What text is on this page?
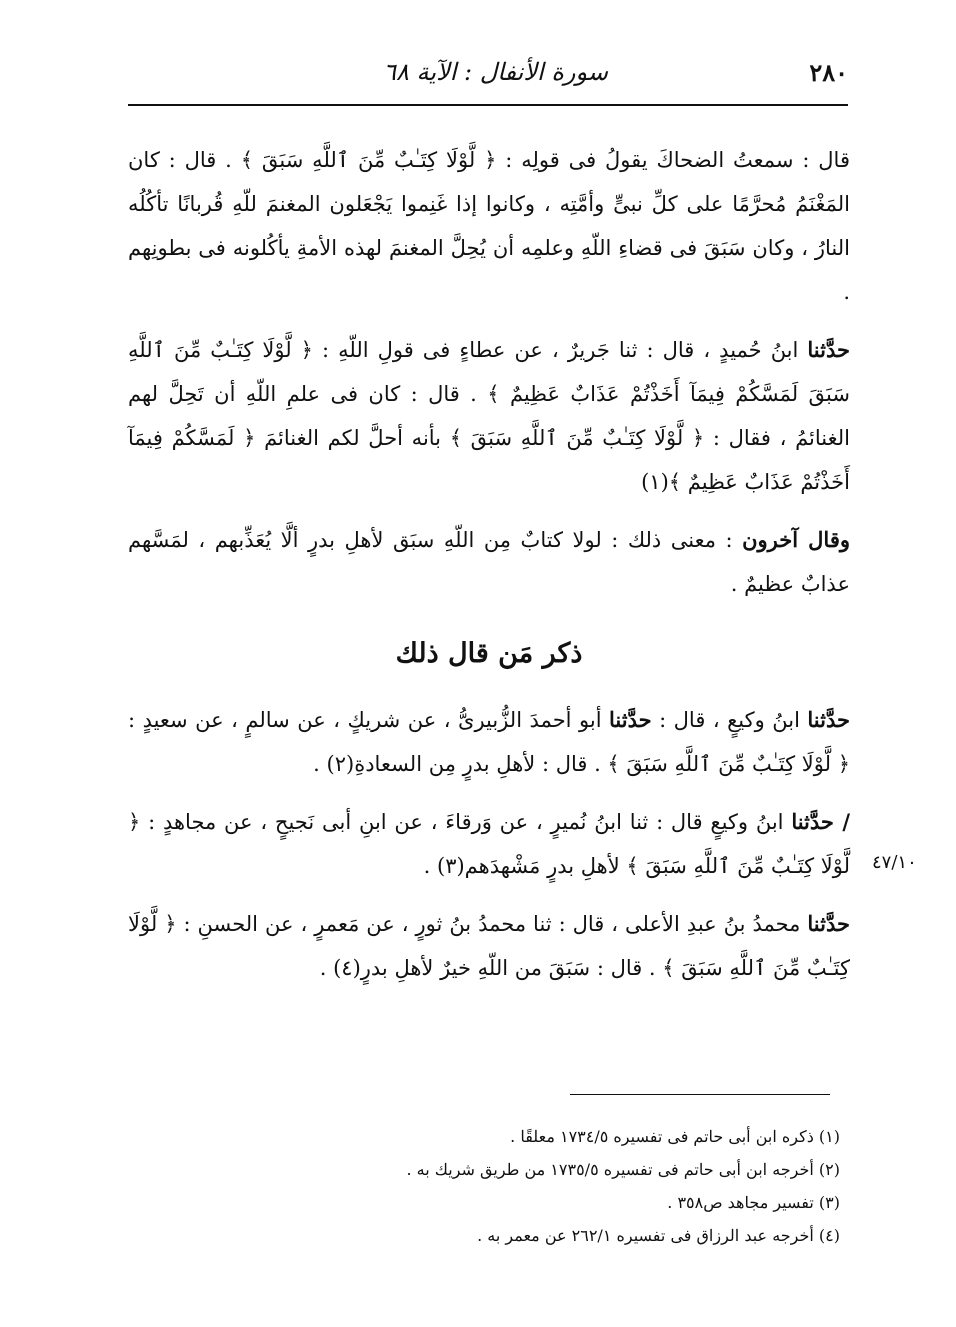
٢٨٠
سورة الأنفال : الآية ٦٨

قال : سمعتُ الضحاكَ يقولُ فى قولِه : ﴿ لَّوْلَا كِتَـٰبٌ مِّنَ ٱللَّهِ سَبَقَ ﴾ . قال : كان المَغْنَمُ مُحرَّمًا على كلِّ نبىٍّ وأمَّتِه ، وكانوا إذا غَنِموا يَجْعَلون المغنمَ للّهِ قُربانًا تأكُلُه النارُ ، وكان سَبَقَ فى قضاءِ اللّهِ وعلمِه أن يُحِلَّ المغنمَ لهذه الأمةِ يأكُلونه فى بطونِهم .

حدَّثنا ابنُ حُميدٍ ، قال : ثنا جَريرٌ ، عن عطاءٍ فى قولِ اللّهِ : ﴿ لَّوْلَا كِتَـٰبٌ مِّنَ ٱللَّهِ سَبَقَ لَمَسَّكُمْ فِيمَآ أَخَذْتُمْ عَذَابٌ عَظِيمٌ ﴾ . قال : كان فى علمِ اللّهِ أن تَحِلَّ لهم الغنائمُ ، فقال : ﴿ لَّوْلَا كِتَـٰبٌ مِّنَ ٱللَّهِ سَبَقَ ﴾ بأنه أحلَّ لكم الغنائمَ ﴿ لَمَسَّكُمْ فِيمَآ أَخَذْتُمْ عَذَابٌ عَظِيمٌ ﴾(١)

وقال آخرون : معنى ذلك : لولا كتابٌ مِن اللّهِ سبَق لأهلِ بدرٍ ألَّا يُعَذِّبهم ، لمَسَّهم عذابٌ عظيمٌ .

ذكر مَن قال ذلك

حدَّثنا ابنُ وكيعٍ ، قال : حدَّثنا أبو أحمدَ الزُّبيرىُّ ، عن شريكٍ ، عن سالمٍ ، عن سعيدٍ : ﴿ لَّوْلَا كِتَـٰبٌ مِّنَ ٱللَّهِ سَبَقَ ﴾ . قال : لأهلِ بدرٍ مِن السعادةِ(٢) .

/ حدَّثنا ابنُ وكيعٍ قال : ثنا ابنُ نُميرٍ ، عن وَرقاءَ ، عن ابنِ أبى نَجيحٍ ، عن مجاهدٍ : ﴿ لَّوْلَا كِتَـٰبٌ مِّنَ ٱللَّهِ سَبَقَ ﴾ لأهلِ بدرٍ مَشْهدَهم(٣) .

حدَّثنا محمدُ بنُ عبدِ الأعلى ، قال : ثنا محمدُ بنُ ثورٍ ، عن مَعمرٍ ، عن الحسنِ : ﴿ لَّوْلَا كِتَـٰبٌ مِّنَ ٱللَّهِ سَبَقَ ﴾ . قال : سَبَقَ من اللّهِ خيرٌ لأهلِ بدرٍ(٤) .

٤٧/١٠
(١) ذكره ابن أبى حاتم فى تفسيره ١٧٣٤/٥ معلقًا .
(٢) أخرجه ابن أبى حاتم فى تفسيره ١٧٣٥/٥ من طريق شريك به .
(٣) تفسير مجاهد ص٣٥٨ .
(٤) أخرجه عبد الرزاق فى تفسيره ٢٦٢/١ عن معمر به .
